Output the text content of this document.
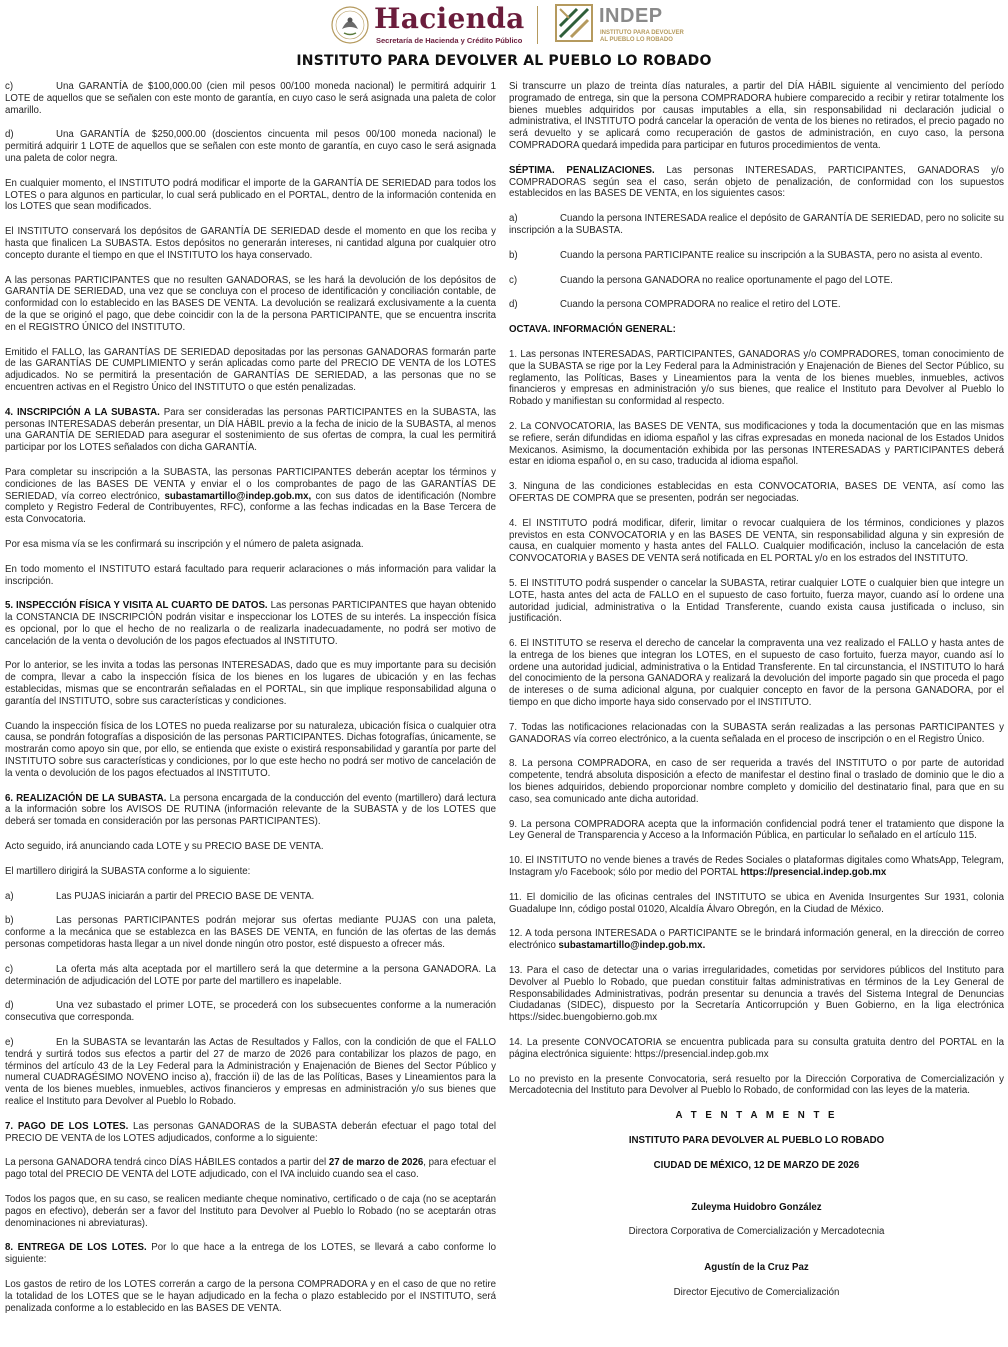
Hacienda
Secretaría de Hacienda y Crédito Público
INDEP
INSTITUTO PARA DEVOLVER
AL PUEBLO LO ROBADO
INSTITUTO PARA DEVOLVER AL PUEBLO LO ROBADO

c)	Una GARANTÍA de $100,000.00 (cien mil pesos 00/100 moneda nacional) le permitirá adquirir 1 LOTE de aquellos que se señalen con este monto de garantía, en cuyo caso le será asignada una paleta de color amarillo.

d)	Una GARANTÍA de $250,000.00 (doscientos cincuenta mil pesos 00/100 moneda nacional) le permitirá adquirir 1 LOTE de aquellos que se señalen con este monto de garantía, en cuyo caso le será asignada una paleta de color negra.

En cualquier momento, el INSTITUTO podrá modificar el importe de la GARANTÍA DE SERIEDAD para todos los LOTES o para algunos en particular, lo cual será publicado en el PORTAL, dentro de la información contenida en los LOTES que sean modificados.

El INSTITUTO conservará los depósitos de GARANTÍA DE SERIEDAD desde el momento en que los reciba y hasta que finalicen La SUBASTA. Estos depósitos no generarán intereses, ni cantidad alguna por cualquier otro concepto durante el tiempo en que el INSTITUTO los haya conservado.

A las personas PARTICIPANTES que no resulten GANADORAS, se les hará la devolución de los depósitos de GARANTÍA DE SERIEDAD, una vez que se concluya con el proceso de identificación y conciliación contable, de conformidad con lo establecido en las BASES DE VENTA. La devolución se realizará exclusivamente a la cuenta de la que se originó el pago, que debe coincidir con la de la persona PARTICIPANTE, que se encuentra inscrita en el REGISTRO ÚNICO del INSTITUTO.

Emitido el FALLO, las GARANTÍAS DE SERIEDAD depositadas por las personas GANADORAS formarán parte de las GARANTÍAS DE CUMPLIMIENTO y serán aplicadas como parte del PRECIO DE VENTA de los LOTES adjudicados. No se permitirá la presentación de GARANTÍAS DE SERIEDAD, a las personas que no se encuentren activas en el Registro Único del INSTITUTO o que estén penalizadas.

4. INSCRIPCIÓN A LA SUBASTA. Para ser consideradas las personas PARTICIPANTES en la SUBASTA, las personas INTERESADAS deberán presentar, un DÍA HÁBIL previo a la fecha de inicio de la SUBASTA, al menos una GARANTÍA DE SERIEDAD para asegurar el sostenimiento de sus ofertas de compra, la cual les permitirá participar por los LOTES señalados con dicha GARANTÍA.

Para completar su inscripción a la SUBASTA, las personas PARTICIPANTES deberán aceptar los términos y condiciones de las BASES DE VENTA y enviar el o los comprobantes de pago de las GARANTÍAS DE SERIEDAD, vía correo electrónico, subastamartillo@indep.gob.mx, con sus datos de identificación (Nombre completo y Registro Federal de Contribuyentes, RFC), conforme a las fechas indicadas en la Base Tercera de esta Convocatoria.

Por esa misma vía se les confirmará su inscripción y el número de paleta asignada.

En todo momento el INSTITUTO estará facultado para requerir aclaraciones o más información para validar la inscripción.

5. INSPECCIÓN FÍSICA Y VISITA AL CUARTO DE DATOS. Las personas PARTICIPANTES que hayan obtenido la CONSTANCIA DE INSCRIPCIÓN podrán visitar e inspeccionar los LOTES de su interés. La inspección física es opcional, por lo que el hecho de no realizarla o de realizarla inadecuadamente, no podrá ser motivo de cancelación de la venta o devolución de los pagos efectuados al INSTITUTO.

Por lo anterior, se les invita a todas las personas INTERESADAS, dado que es muy importante para su decisión de compra, llevar a cabo la inspección física de los bienes en los lugares de ubicación y en las fechas establecidas, mismas que se encontrarán señaladas en el PORTAL, sin que implique responsabilidad alguna o garantía del INSTITUTO, sobre sus características y condiciones.

Cuando la inspección física de los LOTES no pueda realizarse por su naturaleza, ubicación física o cualquier otra causa, se pondrán fotografías a disposición de las personas PARTICIPANTES. Dichas fotografías, únicamente, se mostrarán como apoyo sin que, por ello, se entienda que existe o existirá responsabilidad y garantía por parte del INSTITUTO sobre sus características y condiciones, por lo que este hecho no podrá ser motivo de cancelación de la venta o devolución de los pagos efectuados al INSTITUTO.

6. REALIZACIÓN DE LA SUBASTA. La persona encargada de la conducción del evento (martillero) dará lectura a la información sobre los AVISOS DE RUTINA (información relevante de la SUBASTA y de los LOTES que deberá ser tomada en consideración por las personas PARTICIPANTES).

Acto seguido, irá anunciando cada LOTE y su PRECIO BASE DE VENTA.

El martillero dirigirá la SUBASTA conforme a lo siguiente:

a)	Las PUJAS iniciarán a partir del PRECIO BASE DE VENTA.

b)	Las personas PARTICIPANTES podrán mejorar sus ofertas mediante PUJAS con una paleta, conforme a la mecánica que se establezca en las BASES DE VENTA, en función de las ofertas de las demás personas competidoras hasta llegar a un nivel donde ningún otro postor, esté dispuesto a ofrecer más.

c)	La oferta más alta aceptada por el martillero será la que determine a la persona GANADORA. La determinación de adjudicación del LOTE por parte del martillero es inapelable.

d)	Una vez subastado el primer LOTE, se procederá con los subsecuentes conforme a la numeración consecutiva que corresponda.

e)	En la SUBASTA se levantarán las Actas de Resultados y Fallos, con la condición de que el FALLO tendrá y surtirá todos sus efectos a partir del 27 de marzo de 2026 para contabilizar los plazos de pago, en términos del artículo 43 de la Ley Federal para la Administración y Enajenación de Bienes del Sector Público y numeral CUADRAGÉSIMO NOVENO inciso a), fracción ii) de las de las Políticas, Bases y Lineamientos para la venta de los bienes muebles, inmuebles, activos financieros y empresas en administración y/o sus bienes que realice el Instituto para Devolver al Pueblo lo Robado.

7. PAGO DE LOS LOTES. Las personas GANADORAS de la SUBASTA deberán efectuar el pago total del PRECIO DE VENTA de los LOTES adjudicados, conforme a lo siguiente:

La persona GANADORA tendrá cinco DÍAS HÁBILES contados a partir del 27 de marzo de 2026, para efectuar el pago total del PRECIO DE VENTA del LOTE adjudicado, con el IVA incluido cuando sea el caso.

Todos los pagos que, en su caso, se realicen mediante cheque nominativo, certificado o de caja (no se aceptarán pagos en efectivo), deberán ser a favor del Instituto para Devolver al Pueblo lo Robado (no se aceptarán otras denominaciones ni abreviaturas).

8. ENTREGA DE LOS LOTES. Por lo que hace a la entrega de los LOTES, se llevará a cabo conforme lo siguiente:

Los gastos de retiro de los LOTES correrán a cargo de la persona COMPRADORA y en el caso de que no retire la totalidad de los LOTES que se le hayan adjudicado en la fecha o plazo establecido por el INSTITUTO, será penalizada conforme a lo establecido en las BASES DE VENTA.

Si transcurre un plazo de treinta días naturales, a partir del DÍA HÁBIL siguiente al vencimiento del período programado de entrega, sin que la persona COMPRADORA hubiere comparecido a recibir y retirar totalmente los bienes muebles adquiridos por causas imputables a ella, sin responsabilidad ni declaración judicial o administrativa, el INSTITUTO podrá cancelar la operación de venta de los bienes no retirados, el precio pagado no será devuelto y se aplicará como recuperación de gastos de administración, en cuyo caso, la persona COMPRADORA quedará impedida para participar en futuros procedimientos de venta.

SÉPTIMA. PENALIZACIONES. Las personas INTERESADAS, PARTICIPANTES, GANADORAS y/o COMPRADORAS según sea el caso, serán objeto de penalización, de conformidad con los supuestos establecidos en las BASES DE VENTA, en los siguientes casos:

a)	Cuando la persona INTERESADA realice el depósito de GARANTÍA DE SERIEDAD, pero no solicite su inscripción a la SUBASTA.

b)	Cuando la persona PARTICIPANTE realice su inscripción a la SUBASTA, pero no asista al evento.

c)	Cuando la persona GANADORA no realice oportunamente el pago del LOTE.

d)	Cuando la persona COMPRADORA no realice el retiro del LOTE.

OCTAVA. INFORMACIÓN GENERAL:

1. Las personas INTERESADAS, PARTICIPANTES, GANADORAS y/o COMPRADORES, toman conocimiento de que la SUBASTA se rige por la Ley Federal para la Administración y Enajenación de Bienes del Sector Público, su reglamento, las Políticas, Bases y Lineamientos para la venta de los bienes muebles, inmuebles, activos financieros y empresas en administración y/o sus bienes, que realice el Instituto para Devolver al Pueblo lo Robado y manifiestan su conformidad al respecto.

2. La CONVOCATORIA, las BASES DE VENTA, sus modificaciones y toda la documentación que en las mismas se refiere, serán difundidas en idioma español y las cifras expresadas en moneda nacional de los Estados Unidos Mexicanos. Asimismo, la documentación exhibida por las personas INTERESADAS y PARTICIPANTES deberá estar en idioma español o, en su caso, traducida al idioma español.

3. Ninguna de las condiciones establecidas en esta CONVOCATORIA, BASES DE VENTA, así como las OFERTAS DE COMPRA que se presenten, podrán ser negociadas.

4. El INSTITUTO podrá modificar, diferir, limitar o revocar cualquiera de los términos, condiciones y plazos previstos en esta CONVOCATORIA y en las BASES DE VENTA, sin responsabilidad alguna y sin expresión de causa, en cualquier momento y hasta antes del FALLO. Cualquier modificación, incluso la cancelación de esta CONVOCATORIA y BASES DE VENTA será notificada en EL PORTAL y/o en los estrados del INSTITUTO.

5. El INSTITUTO podrá suspender o cancelar la SUBASTA, retirar cualquier LOTE o cualquier bien que integre un LOTE, hasta antes del acta de FALLO en el supuesto de caso fortuito, fuerza mayor, cuando así lo ordene una autoridad judicial, administrativa o la Entidad Transferente, cuando exista causa justificada o incluso, sin justificación.

6. El INSTITUTO se reserva el derecho de cancelar la compraventa una vez realizado el FALLO y hasta antes de la entrega de los bienes que integran los LOTES, en el supuesto de caso fortuito, fuerza mayor, cuando así lo ordene una autoridad judicial, administrativa o la Entidad Transferente. En tal circunstancia, el INSTITUTO lo hará del conocimiento de la persona GANADORA y realizará la devolución del importe pagado sin que proceda el pago de intereses o de suma adicional alguna, por cualquier concepto en favor de la persona GANADORA, por el tiempo en que dicho importe haya sido conservado por el INSTITUTO.

7. Todas las notificaciones relacionadas con la SUBASTA serán realizadas a las personas PARTICIPANTES y GANADORAS vía correo electrónico, a la cuenta señalada en el proceso de inscripción o en el Registro Único.

8. La persona COMPRADORA, en caso de ser requerida a través del INSTITUTO o por parte de autoridad competente, tendrá absoluta disposición a efecto de manifestar el destino final o traslado de dominio que le dio a los bienes adquiridos, debiendo proporcionar nombre completo y domicilio del destinatario final, para que en su caso, sea comunicado ante dicha autoridad.

9. La persona COMPRADORA acepta que la información confidencial podrá tener el tratamiento que dispone la Ley General de Transparencia y Acceso a la Información Pública, en particular lo señalado en el artículo 115.

10. El INSTITUTO no vende bienes a través de Redes Sociales o plataformas digitales como WhatsApp, Telegram, Instagram y/o Facebook; sólo por medio del PORTAL https://presencial.indep.gob.mx

11. El domicilio de las oficinas centrales del INSTITUTO se ubica en Avenida Insurgentes Sur 1931, colonia Guadalupe Inn, código postal 01020, Alcaldía Álvaro Obregón, en la Ciudad de México.

12. A toda persona INTERESADA o PARTICIPANTE se le brindará información general, en la dirección de correo electrónico subastamartillo@indep.gob.mx.

13. Para el caso de detectar una o varias irregularidades, cometidas por servidores públicos del Instituto para Devolver al Pueblo lo Robado, que puedan constituir faltas administrativas en términos de la Ley General de Responsabilidades Administrativas, podrán presentar su denuncia a través del Sistema Integral de Denuncias Ciudadanas (SIDEC), dispuesto por la Secretaría Anticorrupción y Buen Gobierno, en la liga electrónica https://sidec.buengobierno.gob.mx

14. La presente CONVOCATORIA se encuentra publicada para su consulta gratuita dentro del PORTAL en la página electrónica siguiente: https://presencial.indep.gob.mx

Lo no previsto en la presente Convocatoria, será resuelto por la Dirección Corporativa de Comercialización y Mercadotecnia del Instituto para Devolver al Pueblo lo Robado, de conformidad con las leyes de la materia.

A T E N T A M E N T E

INSTITUTO PARA DEVOLVER AL PUEBLO LO ROBADO

CIUDAD DE MÉXICO, 12 DE MARZO DE 2026

Zuleyma Huidobro González

Directora Corporativa de Comercialización y Mercadotecnia

Agustín de la Cruz Paz

Director Ejecutivo de Comercialización
